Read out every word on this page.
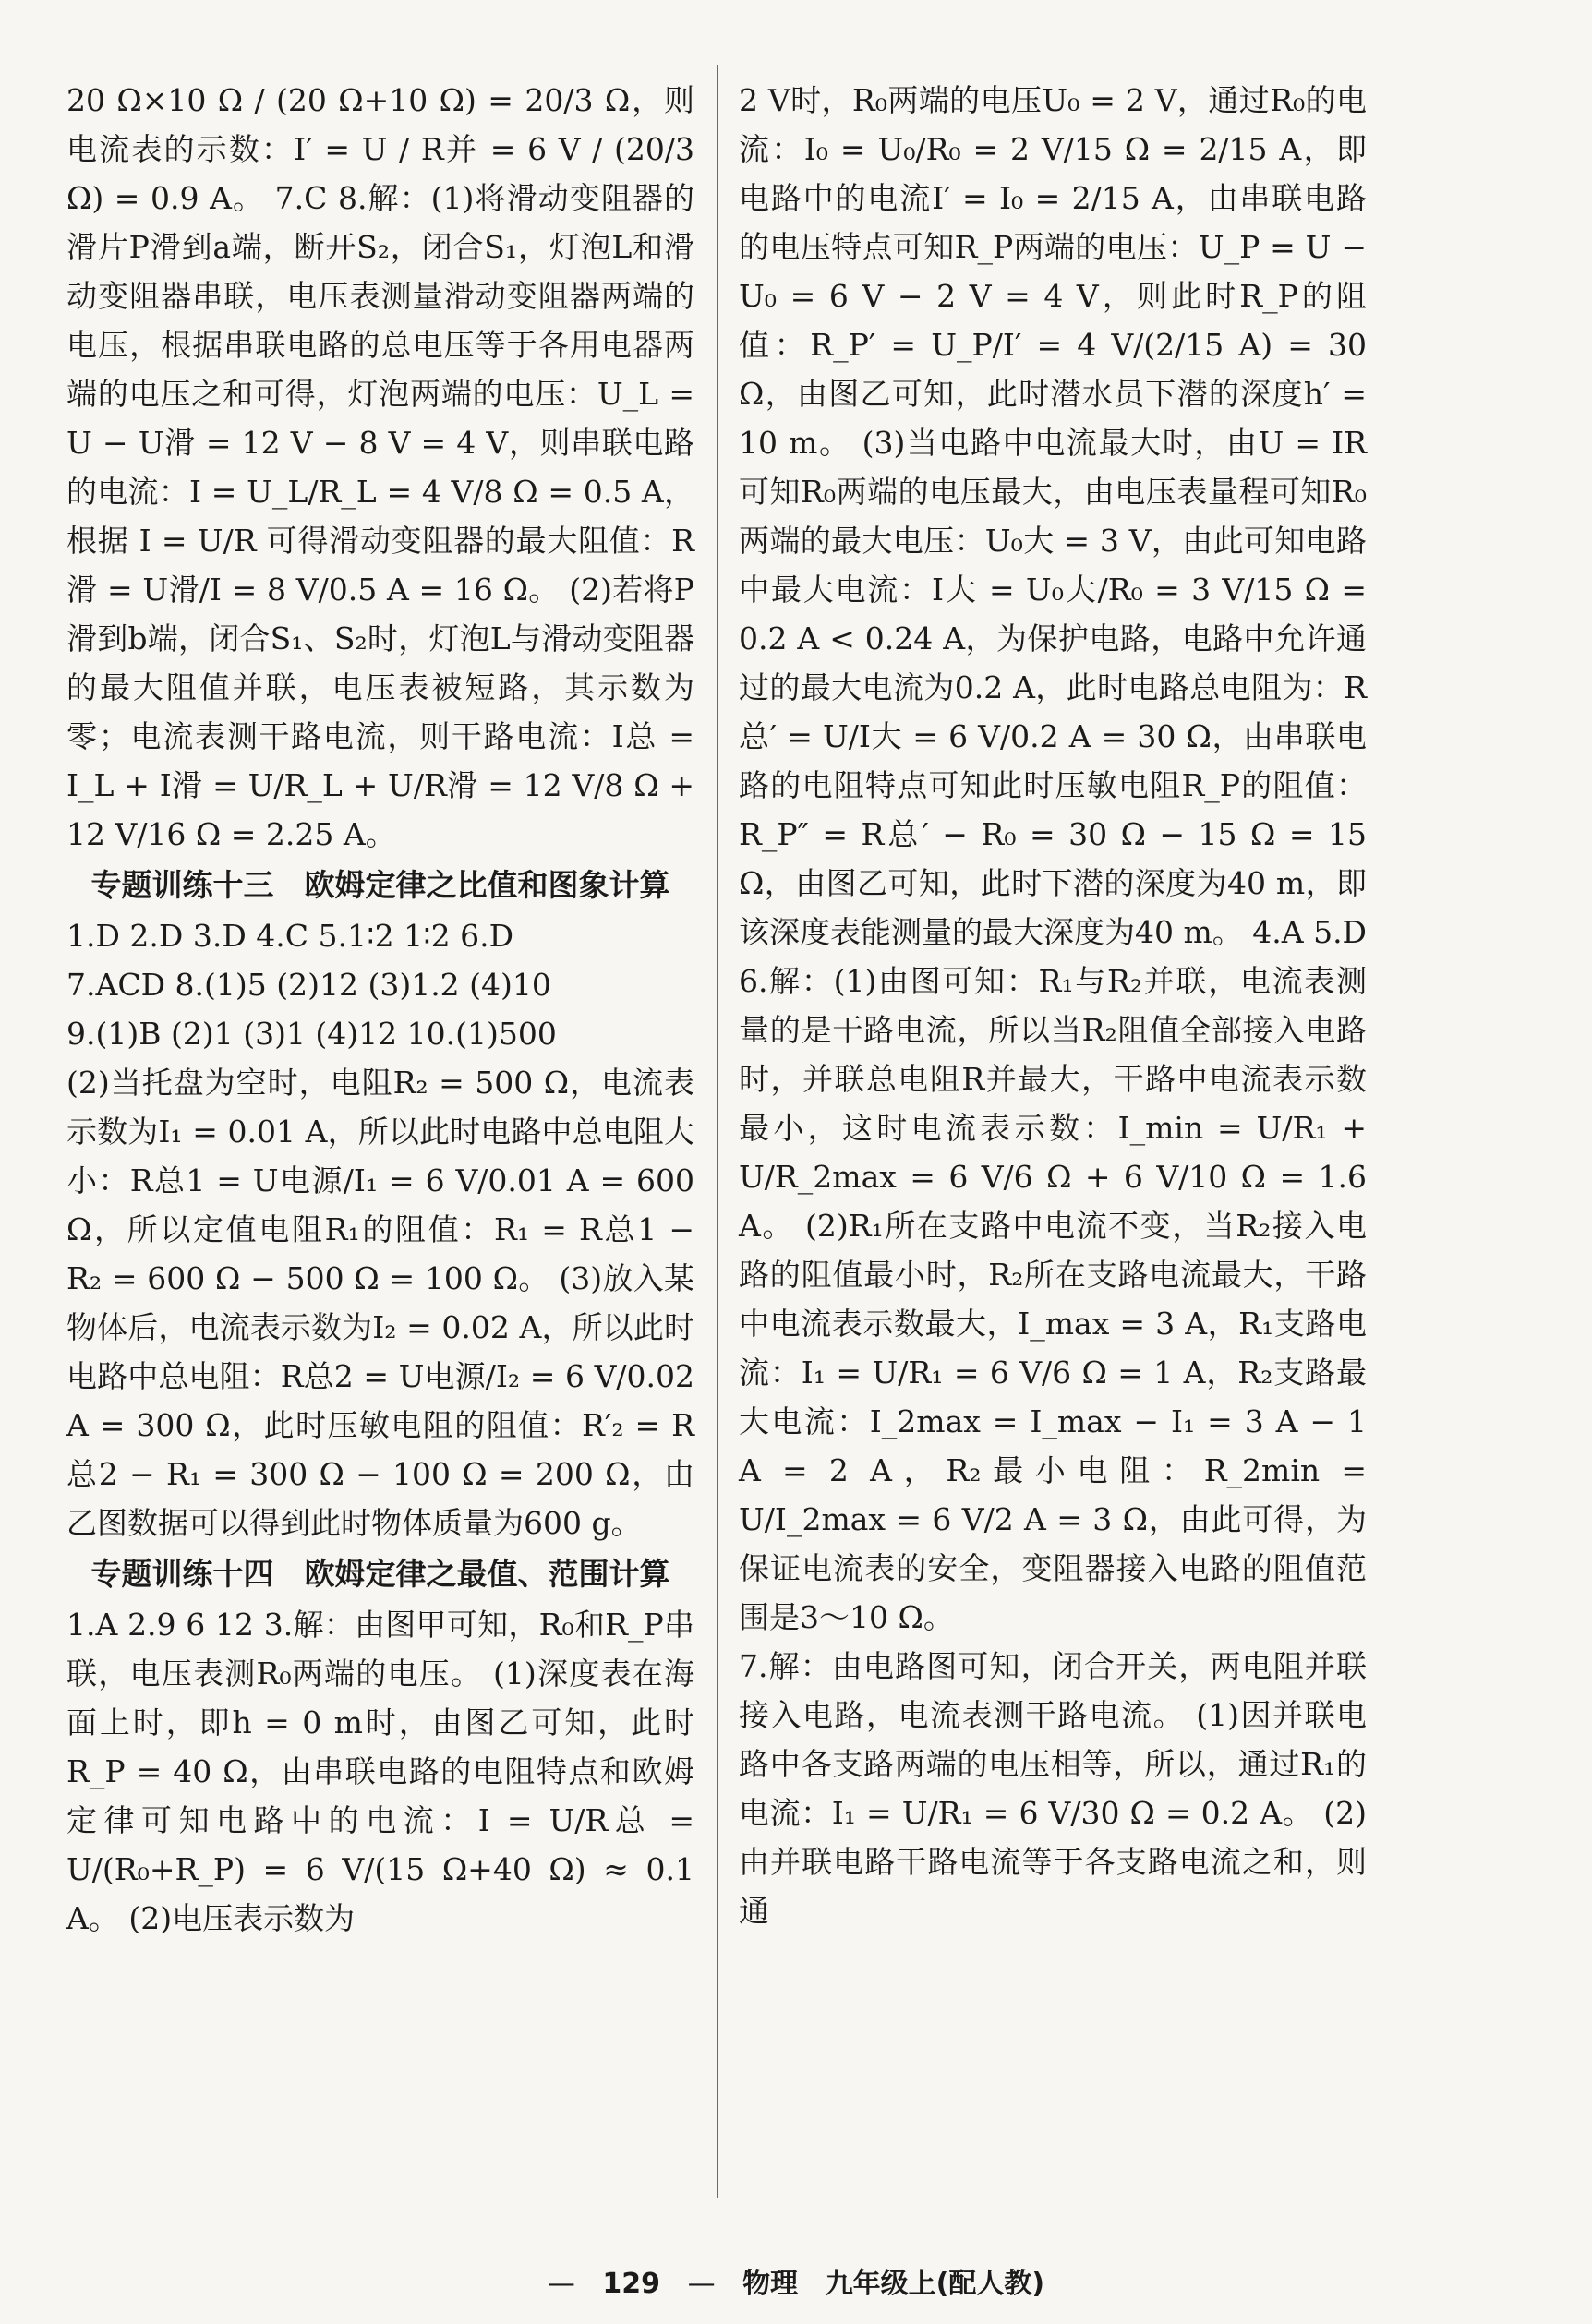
20 Ω×10 Ω / (20 Ω+10 Ω) = 20/3 Ω，则电流表的示数：I′ = U / R并 = 6 V / (20/3 Ω) = 0.9 A。 7.C 8.解：(1)将滑动变阻器的滑片P滑到a端，断开S₂，闭合S₁，灯泡L和滑动变阻器串联，电压表测量滑动变阻器两端的电压，根据串联电路的总电压等于各用电器两端的电压之和可得，灯泡两端的电压：U_L = U − U滑 = 12 V − 8 V = 4 V，则串联电路的电流：I = U_L/R_L = 4 V/8 Ω = 0.5 A，根据 I = U/R 可得滑动变阻器的最大阻值：R滑 = U滑/I = 8 V/0.5 A = 16 Ω。 (2)若将P滑到b端，闭合S₁、S₂时，灯泡L与滑动变阻器的最大阻值并联，电压表被短路，其示数为零；电流表测干路电流，则干路电流：I总 = I_L + I滑 = U/R_L + U/R滑 = 12 V/8 Ω + 12 V/16 Ω = 2.25 A。

专题训练十三　欧姆定律之比值和图象计算

1.D 2.D 3.D 4.C 5.1∶2 1∶2 6.D

7.ACD 8.(1)5 (2)12 (3)1.2 (4)10

9.(1)B (2)1 (3)1 (4)12 10.(1)500

(2)当托盘为空时，电阻R₂ = 500 Ω，电流表示数为I₁ = 0.01 A，所以此时电路中总电阻大小：R总1 = U电源/I₁ = 6 V/0.01 A = 600 Ω，所以定值电阻R₁的阻值：R₁ = R总1 − R₂ = 600 Ω − 500 Ω = 100 Ω。 (3)放入某物体后，电流表示数为I₂ = 0.02 A，所以此时电路中总电阻：R总2 = U电源/I₂ = 6 V/0.02 A = 300 Ω，此时压敏电阻的阻值：R′₂ = R总2 − R₁ = 300 Ω − 100 Ω = 200 Ω，由乙图数据可以得到此时物体质量为600 g。

专题训练十四　欧姆定律之最值、范围计算

1.A 2.9 6 12 3.解：由图甲可知，R₀和R_P串联，电压表测R₀两端的电压。 (1)深度表在海面上时，即h = 0 m时，由图乙可知，此时R_P = 40 Ω，由串联电路的电阻特点和欧姆定律可知电路中的电流：I = U/R总 = U/(R₀+R_P) = 6 V/(15 Ω+40 Ω) ≈ 0.1 A。 (2)电压表示数为

2 V时，R₀两端的电压U₀ = 2 V，通过R₀的电流：I₀ = U₀/R₀ = 2 V/15 Ω = 2/15 A，即电路中的电流I′ = I₀ = 2/15 A，由串联电路的电压特点可知R_P两端的电压：U_P = U − U₀ = 6 V − 2 V = 4 V，则此时R_P的阻值：R_P′ = U_P/I′ = 4 V/(2/15 A) = 30 Ω，由图乙可知，此时潜水员下潜的深度h′ = 10 m。 (3)当电路中电流最大时，由U = IR可知R₀两端的电压最大，由电压表量程可知R₀两端的最大电压：U₀大 = 3 V，由此可知电路中最大电流：I大 = U₀大/R₀ = 3 V/15 Ω = 0.2 A < 0.24 A，为保护电路，电路中允许通过的最大电流为0.2 A，此时电路总电阻为：R总′ = U/I大 = 6 V/0.2 A = 30 Ω，由串联电路的电阻特点可知此时压敏电阻R_P的阻值：R_P″ = R总′ − R₀ = 30 Ω − 15 Ω = 15 Ω，由图乙可知，此时下潜的深度为40 m，即该深度表能测量的最大深度为40 m。 4.A 5.D 6.解：(1)由图可知：R₁与R₂并联，电流表测量的是干路电流，所以当R₂阻值全部接入电路时，并联总电阻R并最大，干路中电流表示数最小，这时电流表示数：I_min = U/R₁ + U/R_2max = 6 V/6 Ω + 6 V/10 Ω = 1.6 A。 (2)R₁所在支路中电流不变，当R₂接入电路的阻值最小时，R₂所在支路电流最大，干路中电流表示数最大，I_max = 3 A，R₁支路电流：I₁ = U/R₁ = 6 V/6 Ω = 1 A，R₂支路最大电流：I_2max = I_max − I₁ = 3 A − 1 A = 2 A，R₂最小电阻：R_2min = U/I_2max = 6 V/2 A = 3 Ω，由此可得，为保证电流表的安全，变阻器接入电路的阻值范围是3～10 Ω。

7.解：由电路图可知，闭合开关，两电阻并联接入电路，电流表测干路电流。 (1)因并联电路中各支路两端的电压相等，所以，通过R₁的电流：I₁ = U/R₁ = 6 V/30 Ω = 0.2 A。 (2)由并联电路干路电流等于各支路电流之和，则通

— 129 — 物理 九年级上(配人教)
